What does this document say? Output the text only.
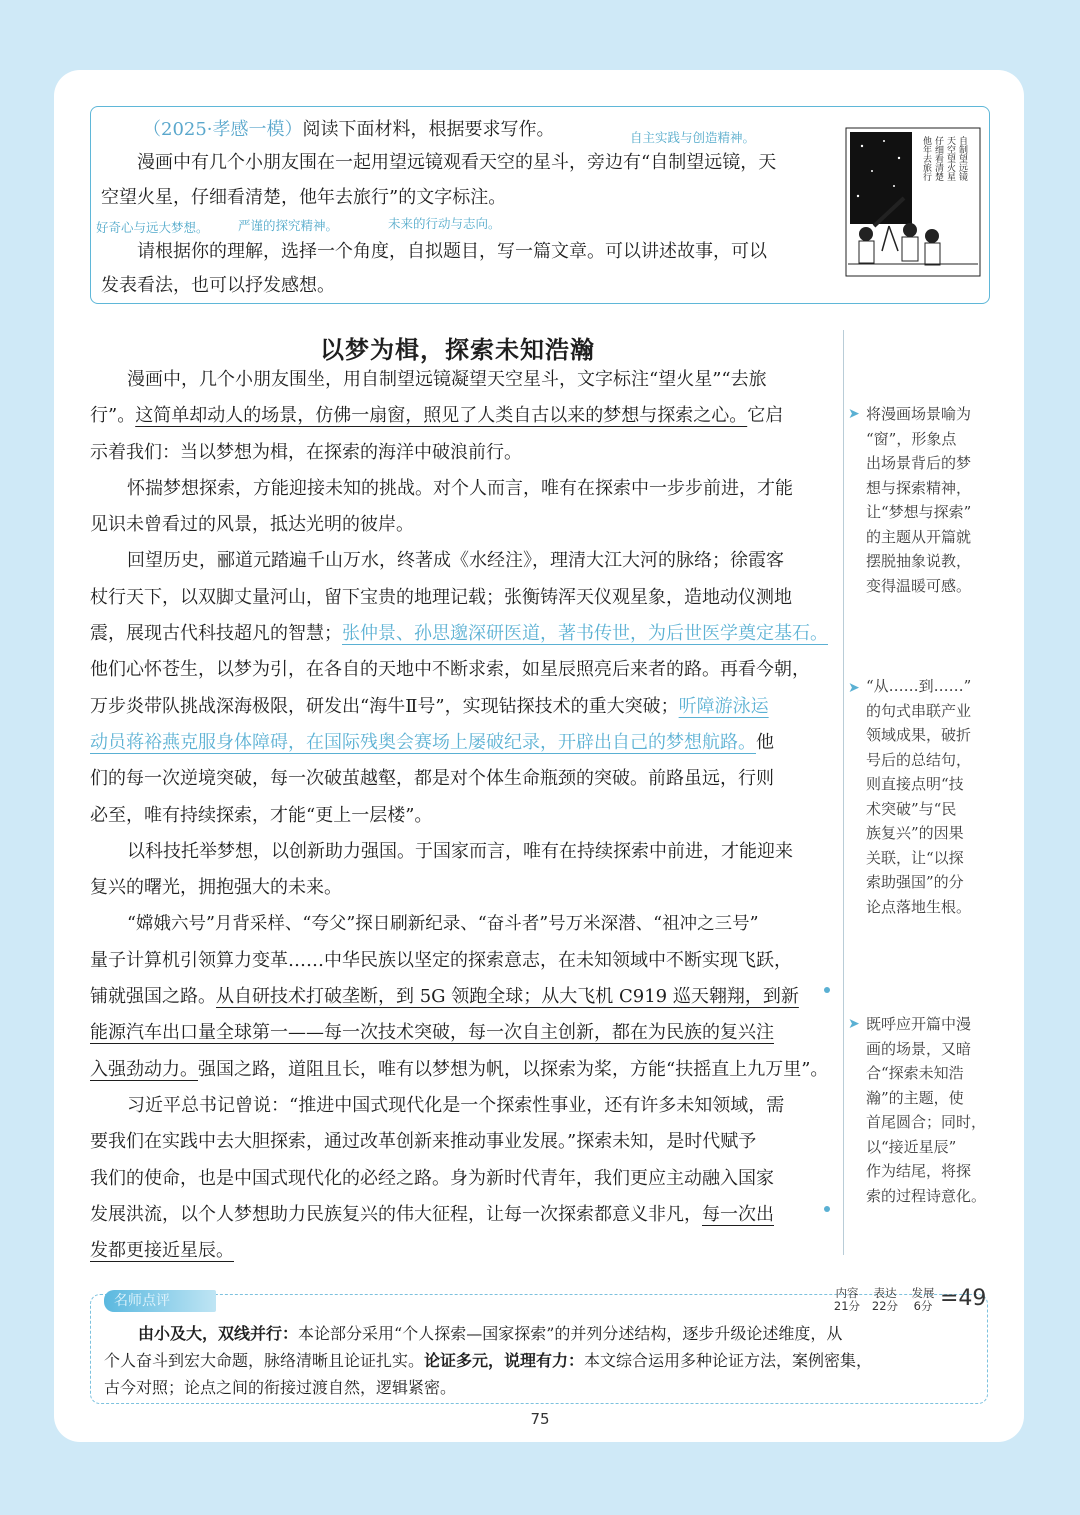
（2025·孝感一模）阅读下面材料，根据要求写作。
漫画中有几个小朋友围在一起用望远镜观看天空的星斗，旁边有“自制望远镜，天
空望火星，仔细看清楚，他年去旅行”的文字标注。
请根据你的理解，选择一个角度，自拟题目，写一篇文章。可以讲述故事，可以
发表看法，也可以抒发感想。
自主实践与创造精神。
好奇心与远大梦想。 严谨的探究精神。	未来的行动与志向。
自制望远镜
天空望火星
仔细看清楚
他年去旅行
以梦为楫，探索未知浩瀚
漫画中，几个小朋友围坐，用自制望远镜凝望天空星斗，文字标注“望火星”“去旅
行”。这简单却动人的场景，仿佛一扇窗，照见了人类自古以来的梦想与探索之心。它启
示着我们：当以梦想为楫，在探索的海洋中破浪前行。
怀揣梦想探索，方能迎接未知的挑战。对个人而言，唯有在探索中一步步前进，才能
见识未曾看过的风景，抵达光明的彼岸。
回望历史，郦道元踏遍千山万水，终著成《水经注》，理清大江大河的脉络；徐霞客
杖行天下，以双脚丈量河山，留下宝贵的地理记载；张衡铸浑天仪观星象，造地动仪测地
震，展现古代科技超凡的智慧；张仲景、孙思邈深研医道，著书传世，为后世医学奠定基石。
他们心怀苍生，以梦为引，在各自的天地中不断求索，如星辰照亮后来者的路。再看今朝，
万步炎带队挑战深海极限，研发出“海牛Ⅱ号”，实现钻探技术的重大突破；听障游泳运
动员蒋裕燕克服身体障碍，在国际残奥会赛场上屡破纪录，开辟出自己的梦想航路。他
们的每一次逆境突破，每一次破茧越壑，都是对个体生命瓶颈的突破。前路虽远，行则
必至，唯有持续探索，才能“更上一层楼”。
以科技托举梦想，以创新助力强国。于国家而言，唯有在持续探索中前进，才能迎来
复兴的曙光，拥抱强大的未来。
“嫦娥六号”月背采样、“夸父”探日刷新纪录、“奋斗者”号万米深潜、“祖冲之三号”
量子计算机引领算力变革……中华民族以坚定的探索意志，在未知领域中不断实现飞跃，
铺就强国之路。从自研技术打破垄断，到 5G 领跑全球；从大飞机 C919 巡天翱翔，到新
能源汽车出口量全球第一——每一次技术突破，每一次自主创新，都在为民族的复兴注
入强劲动力。强国之路，道阻且长，唯有以梦想为帆，以探索为桨，方能“扶摇直上九万里”。
习近平总书记曾说：“推进中国式现代化是一个探索性事业，还有许多未知领域，需
要我们在实践中去大胆探索，通过改革创新来推动事业发展。”探索未知，是时代赋予
我们的使命，也是中国式现代化的必经之路。身为新时代青年，我们更应主动融入国家
发展洪流，以个人梦想助力民族复兴的伟大征程，让每一次探索都意义非凡，每一次出
发都更接近星辰。
➤ 将漫画场景喻为
“窗”，形象点
出场景背后的梦
想与探索精神，
让“梦想与探索”
的主题从开篇就
摆脱抽象说教，
变得温暖可感。
➤ “从……到……”
的句式串联产业
领域成果，破折
号后的总结句，
则直接点明“技
术突破”与“民
族复兴”的因果
关联，让“以探
索助强国”的分
论点落地生根。
➤ 既呼应开篇中漫
画的场景，又暗
合“探索未知浩
瀚”的主题，使
首尾圆合；同时，
以“接近星辰”
作为结尾，将探
索的过程诗意化。
名师点评	内容
21分表达
22分发展
6分 =49
由小及大，双线并行：本论部分采用“个人探索—国家探索”的并列分述结构，逐步升级论述维度，从
个人奋斗到宏大命题，脉络清晰且论证扎实。论证多元，说理有力：本文综合运用多种论证方法，案例密集，
古今对照；论点之间的衔接过渡自然，逻辑紧密。
75
